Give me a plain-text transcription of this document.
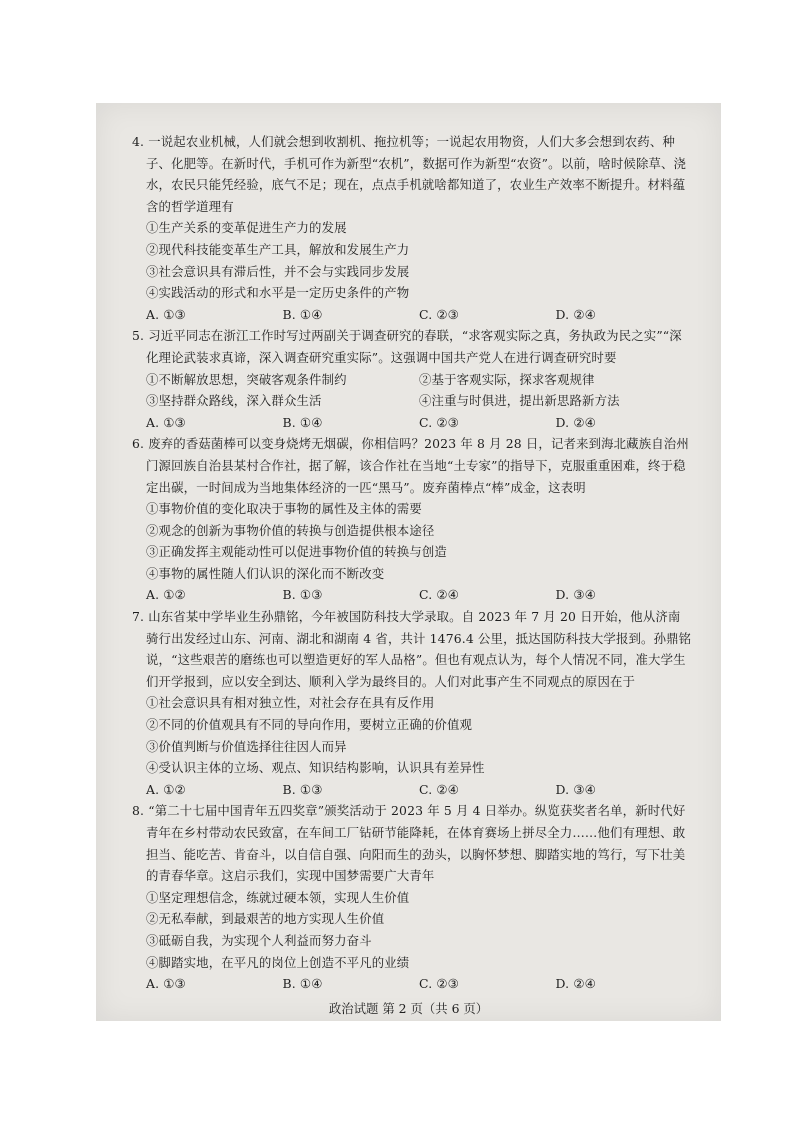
4. 一说起农业机械，人们就会想到收割机、拖拉机等；一说起农用物资，人们大多会想到农药、种子、化肥等。在新时代，手机可作为新型“农机”，数据可作为新型“农资”。以前，啥时候除草、浇水，农民只能凭经验，底气不足；现在，点点手机就啥都知道了，农业生产效率不断提升。材料蕴含的哲学道理有

①生产关系的变革促进生产力的发展

②现代科技能变革生产工具，解放和发展生产力

③社会意识具有滞后性，并不会与实践同步发展

④实践活动的形式和水平是一定历史条件的产物

A. ①③	B. ①④	C. ②③	D. ②④

5. 习近平同志在浙江工作时写过两副关于调查研究的春联，“求客观实际之真，务执政为民之实”“深化理论武装求真谛，深入调查研究重实际”。这强调中国共产党人在进行调查研究时要

①不断解放思想，突破客观条件制约	②基于客观实际，探求客观规律
③坚持群众路线，深入群众生活	④注重与时俱进，提出新思路新方法
A. ①③	B. ①④	C. ②③	D. ②④

6. 废弃的香菇菌棒可以变身烧烤无烟碳，你相信吗？2023 年 8 月 28 日，记者来到海北藏族自治州门源回族自治县某村合作社，据了解，该合作社在当地“土专家”的指导下，克服重重困难，终于稳定出碳，一时间成为当地集体经济的一匹“黑马”。废弃菌棒点“棒”成金，这表明

①事物价值的变化取决于事物的属性及主体的需要

②观念的创新为事物价值的转换与创造提供根本途径

③正确发挥主观能动性可以促进事物价值的转换与创造

④事物的属性随人们认识的深化而不断改变

A. ①②	B. ①③	C. ②④	D. ③④

7. 山东省某中学毕业生孙鼎铭，今年被国防科技大学录取。自 2023 年 7 月 20 日开始，他从济南骑行出发经过山东、河南、湖北和湖南 4 省，共计 1476.4 公里，抵达国防科技大学报到。孙鼎铭说，“这些艰苦的磨练也可以塑造更好的军人品格”。但也有观点认为，每个人情况不同，准大学生们开学报到，应以安全到达、顺利入学为最终目的。人们对此事产生不同观点的原因在于

①社会意识具有相对独立性，对社会存在具有反作用

②不同的价值观具有不同的导向作用，要树立正确的价值观

③价值判断与价值选择往往因人而异

④受认识主体的立场、观点、知识结构影响，认识具有差异性

A. ①②	B. ①③	C. ②④	D. ③④

8. “第二十七届中国青年五四奖章”颁奖活动于 2023 年 5 月 4 日举办。纵览获奖者名单，新时代好青年在乡村带动农民致富，在车间工厂钻研节能降耗，在体育赛场上拼尽全力……他们有理想、敢担当、能吃苦、肯奋斗，以自信自强、向阳而生的劲头，以胸怀梦想、脚踏实地的笃行，写下壮美的青春华章。这启示我们，实现中国梦需要广大青年

①坚定理想信念，练就过硬本领，实现人生价值

②无私奉献，到最艰苦的地方实现人生价值

③砥砺自我，为实现个人利益而努力奋斗

④脚踏实地，在平凡的岗位上创造不平凡的业绩

A. ①③	B. ①④	C. ②③	D. ②④
政治试题 第 2 页（共 6 页）
